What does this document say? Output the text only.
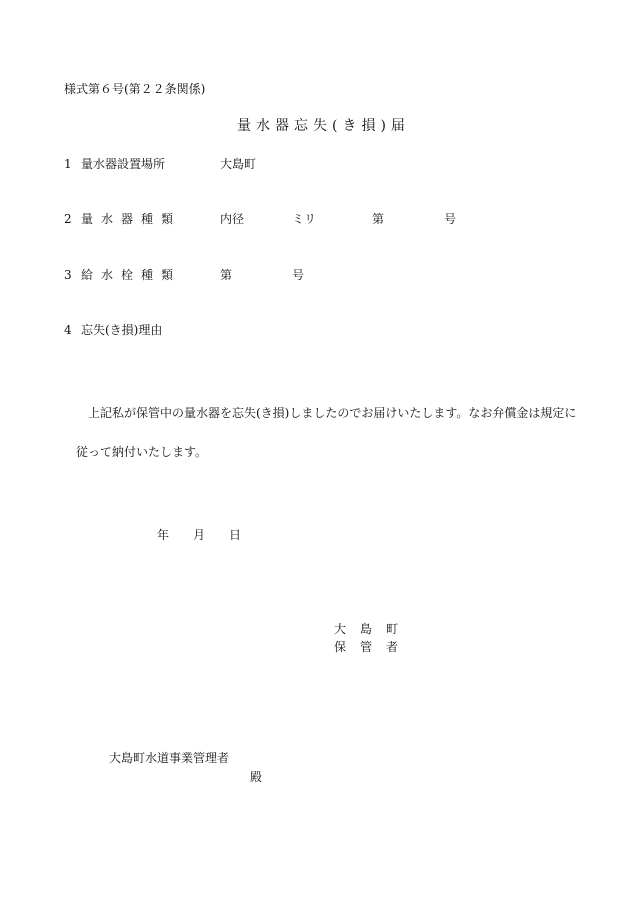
様式第６号(第２２条関係)
量水器忘失(き損)届
1 量水器設置場所	大島町
2 量水器種類	内径	ミリ	第	号
3 給水栓種類	第	号
4 忘失(き損)理由
上記私が保管中の量水器を忘失(き損)しましたのでお届けいたします。なお弁償金は規定に
従って納付いたします。
年 月 日
大島町
保管者
大島町水道事業管理者
殿
